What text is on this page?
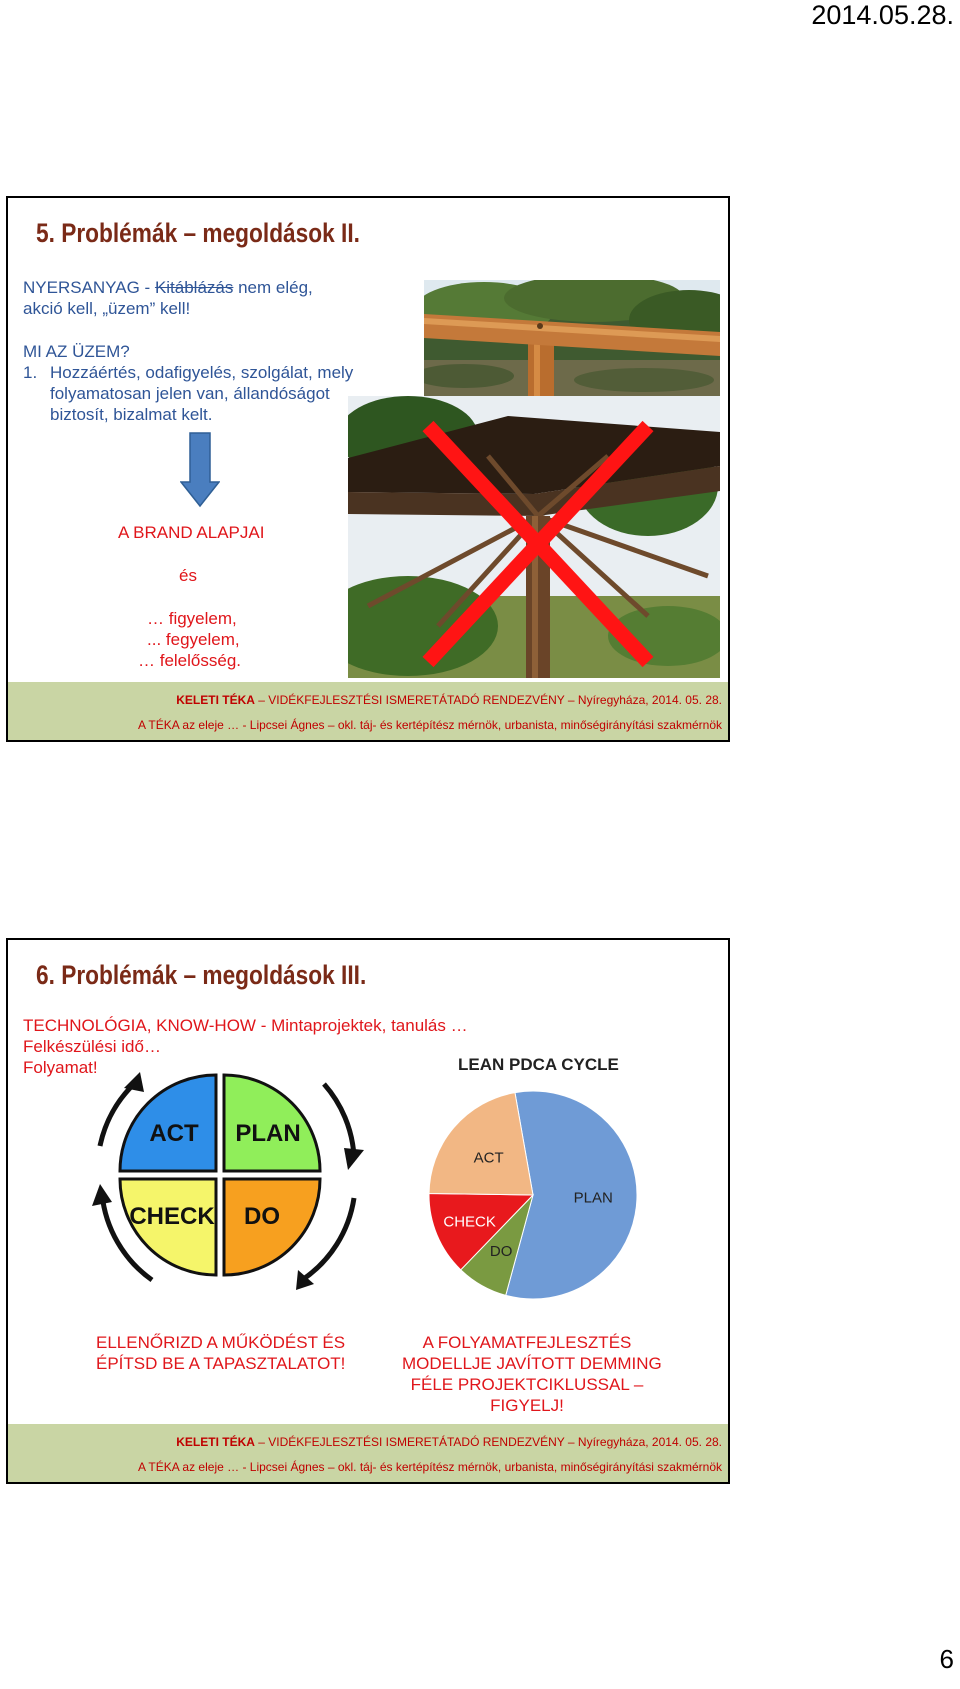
2014.05.28.
5. Problémák – megoldások II.
NYERSANYAG - Kitáblázás nem elég,
akció kell, „üzem” kell!
MI AZ ÜZEM?
1. Hozzáértés, odafigyelés, szolgálat, mely
folyamatosan jelen van, állandóságot
biztosít, bizalmat kelt.
A BRAND ALAPJAI
és
… figyelem,
... fegyelem,
… felelősség.
KELETI TÉKA – VIDÉKFEJLESZTÉSI ISMERETÁTADÓ RENDEZVÉNY – Nyíregyháza, 2014. 05. 28.
A TÉKA az eleje … - Lipcsei Ágnes – okl. táj- és kertépítész mérnök, urbanista, minőségirányítási szakmérnök
6. Problémák – megoldások III.
TECHNOLÓGIA, KNOW-HOW - Mintaprojektek, tanulás …
Felkészülési idő…
Folyamat!
ACT PLAN
CHECK DO
LEAN PDCA CYCLE
PLAN
DO
CHECK
ACT
ELLENŐRIZD A MŰKÖDÉST ÉS
ÉPÍTSD BE A TAPASZTALATOT!
A FOLYAMATFEJLESZTÉS
MODELLJE JAVÍTOTT DEMMING
FÉLE PROJEKTCIKLUSSAL –
FIGYELJ!
KELETI TÉKA – VIDÉKFEJLESZTÉSI ISMERETÁTADÓ RENDEZVÉNY – Nyíregyháza, 2014. 05. 28.
A TÉKA az eleje … - Lipcsei Ágnes – okl. táj- és kertépítész mérnök, urbanista, minőségirányítási szakmérnök
6
